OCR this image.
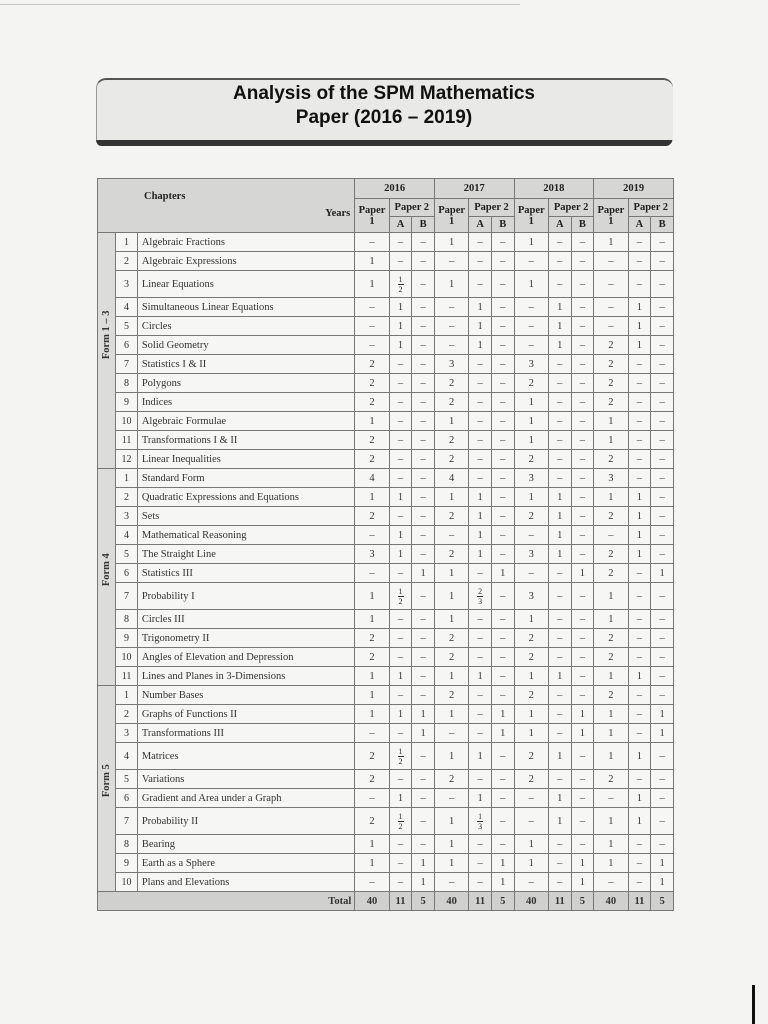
Analysis of the SPM Mathematics
Paper (2016 – 2019)
Years
Chapters			2016			2017			2018			2019		
			Paper 1	Paper 2		Paper 1	Paper 2		Paper 1	Paper 2		Paper 1	Paper 2	
				A	B		A	B		A	B		A	B

Form 1 – 3	1	Algebraic Fractions	–	–	–	1	–	–	1	–	–	1	–	–
	2	Algebraic Expressions	1	–	–	–	–	–	–	–	–	–	–	–
	3	Linear Equations	1	$\frac{1}{2}$	–	1	–	–	1	–	–	–	–	–
	4	Simultaneous Linear Equations	–	1	–	–	1	–	–	1	–	–	1	–
	5	Circles	–	1	–	–	1	–	–	1	–	–	1	–
	6	Solid Geometry	–	1	–	–	1	–	–	1	–	2	1	–
	7	Statistics I & II	2	–	–	3	–	–	3	–	–	2	–	–
	8	Polygons	2	–	–	2	–	–	2	–	–	2	–	–
	9	Indices	2	–	–	2	–	–	1	–	–	2	–	–
	10	Algebraic Formulae	1	–	–	1	–	–	1	–	–	1	–	–
	11	Transformations I & II	2	–	–	2	–	–	1	–	–	1	–	–
	12	Linear Inequalities	2	–	–	2	–	–	2	–	–	2	–	–

Form 4	1	Standard Form	4	–	–	4	–	–	3	–	–	3	–	–
	2	Quadratic Expressions and Equations	1	1	–	1	1	–	1	1	–	1	1	–
	3	Sets	2	–	–	2	1	–	2	1	–	2	1	–
	4	Mathematical Reasoning	–	1	–	–	1	–	–	1	–	–	1	–
	5	The Straight Line	3	1	–	2	1	–	3	1	–	2	1	–
	6	Statistics III	–	–	1	1	–	1	–	–	1	2	–	1
	7	Probability I	1	$\frac{1}{2}$	–	1	$\frac{2}{3}$	–	3	–	–	1	–	–
	8	Circles III	1	–	–	1	–	–	1	–	–	1	–	–
	9	Trigonometry II	2	–	–	2	–	–	2	–	–	2	–	–
	10	Angles of Elevation and Depression	2	–	–	2	–	–	2	–	–	2	–	–
	11	Lines and Planes in 3-Dimensions	1	1	–	1	1	–	1	1	–	1	1	–

Form 5	1	Number Bases	1	–	–	2	–	–	2	–	–	2	–	–
	2	Graphs of Functions II	1	1	1	1	–	1	1	–	1	1	–	1
	3	Transformations III	–	–	1	–	–	1	1	–	1	1	–	1
	4	Matrices	2	$\frac{1}{2}$	–	1	1	–	2	1	–	1	1	–
	5	Variations	2	–	–	2	–	–	2	–	–	2	–	–
	6	Gradient and Area under a Graph	–	1	–	–	1	–	–	1	–	–	1	–
	7	Probability II	2	$\frac{1}{2}$	–	1	$\frac{1}{3}$	–	–	1	–	1	1	–
	8	Bearing	1	–	–	1	–	–	1	–	–	1	–	–
	9	Earth as a Sphere	1	–	1	1	–	1	1	–	1	1	–	1
	10	Plans and Elevations	–	–	1	–	–	1	–	–	1	–	–	1
Total			40	11	5	40	11	5	40	11	5	40	11	5
